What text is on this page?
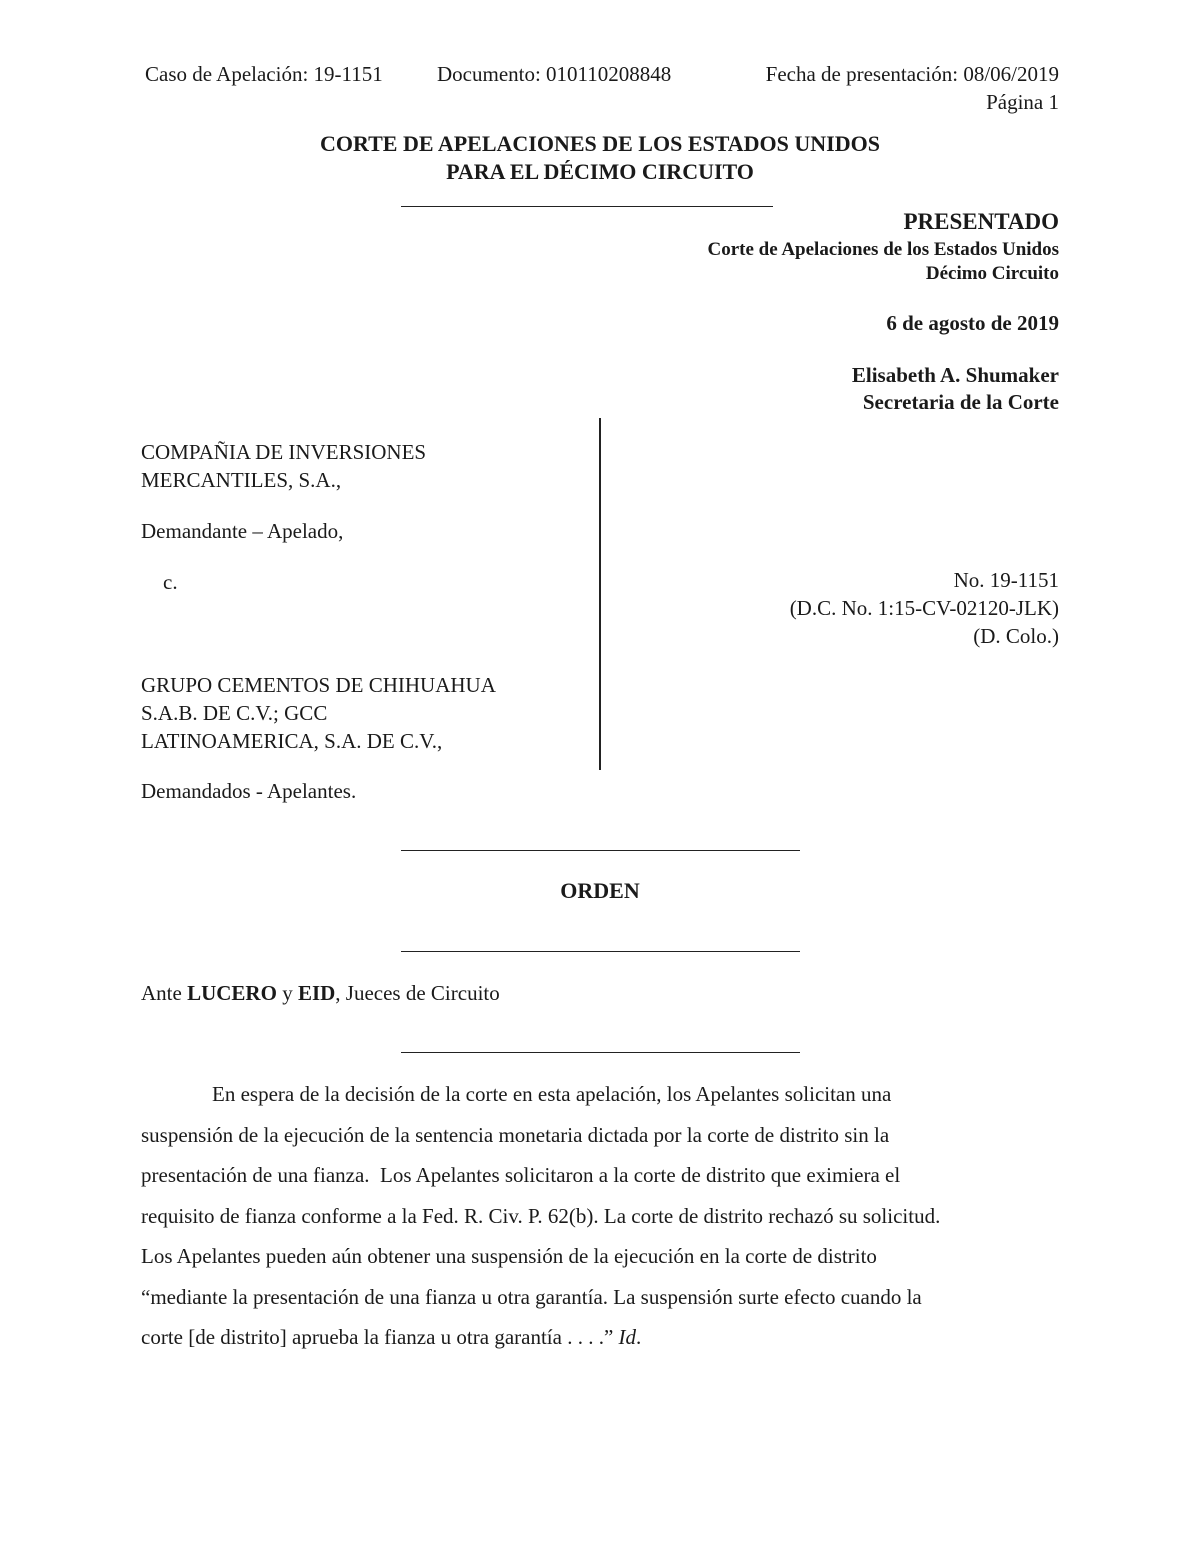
Caso de Apelación: 19-1151	Documento: 010110208848	Fecha de presentación: 08/06/2019
Página 1
CORTE DE APELACIONES DE LOS ESTADOS UNIDOS
PARA EL DÉCIMO CIRCUITO
PRESENTADO
Corte de Apelaciones de los Estados Unidos
Décimo Circuito
6 de agosto de 2019
Elisabeth A. Shumaker
Secretaria de la Corte
COMPAÑIA DE INVERSIONES
MERCANTILES, S.A.,
Demandante – Apelado,
c.
GRUPO CEMENTOS DE CHIHUAHUA
S.A.B. DE C.V.; GCC
LATINOAMERICA, S.A. DE C.V.,
Demandados - Apelantes.
No. 19-1151
(D.C. No. 1:15-CV-02120-JLK)
(D. Colo.)
ORDEN
Ante LUCERO y EID, Jueces de Circuito
En espera de la decisión de la corte en esta apelación, los Apelantes solicitan una
suspensión de la ejecución de la sentencia monetaria dictada por la corte de distrito sin la
presentación de una fianza.  Los Apelantes solicitaron a la corte de distrito que eximiera el
requisito de fianza conforme a la Fed. R. Civ. P. 62(b). La corte de distrito rechazó su solicitud.
Los Apelantes pueden aún obtener una suspensión de la ejecución en la corte de distrito
“mediante la presentación de una fianza u otra garantía. La suspensión surte efecto cuando la
corte [de distrito] aprueba la fianza u otra garantía . . . .” Id.
